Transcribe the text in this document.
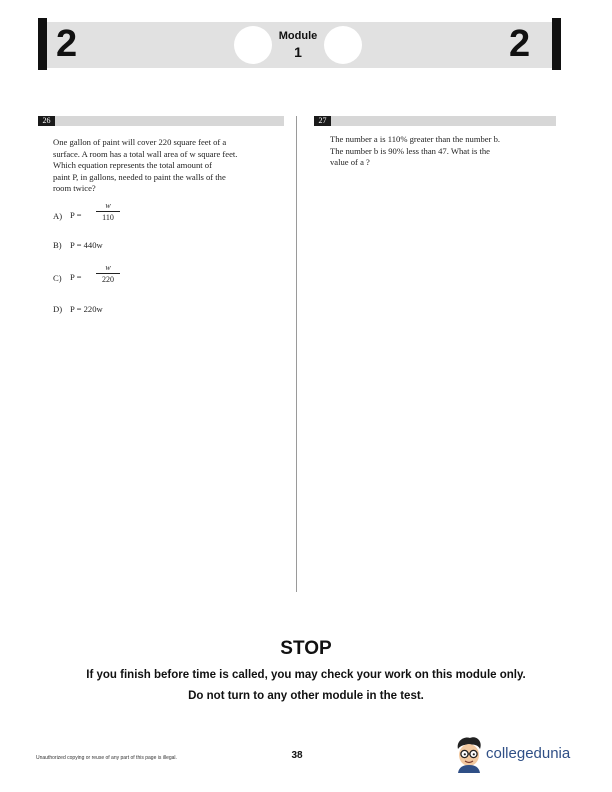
2	2
Module
1
26	27
One gallon of paint will cover 220 square feet of a
surface. A room has a total wall area of w square feet.
Which equation represents the total amount of
paint P, in gallons, needed to paint the walls of the
room twice?
A) $P = \frac{w}{110}$
B) P = 440w
C) $P = \frac{w}{220}$
D) P = 220w
The number a is 110% greater than the number b.
The number b is 90% less than 47. What is the
value of a ?
STOP
If you finish before time is called, you may check your work on this module only.
Do not turn to any other module in the test.
Unauthorized copying or reuse of any part of this page is illegal.	38	collegedunia
